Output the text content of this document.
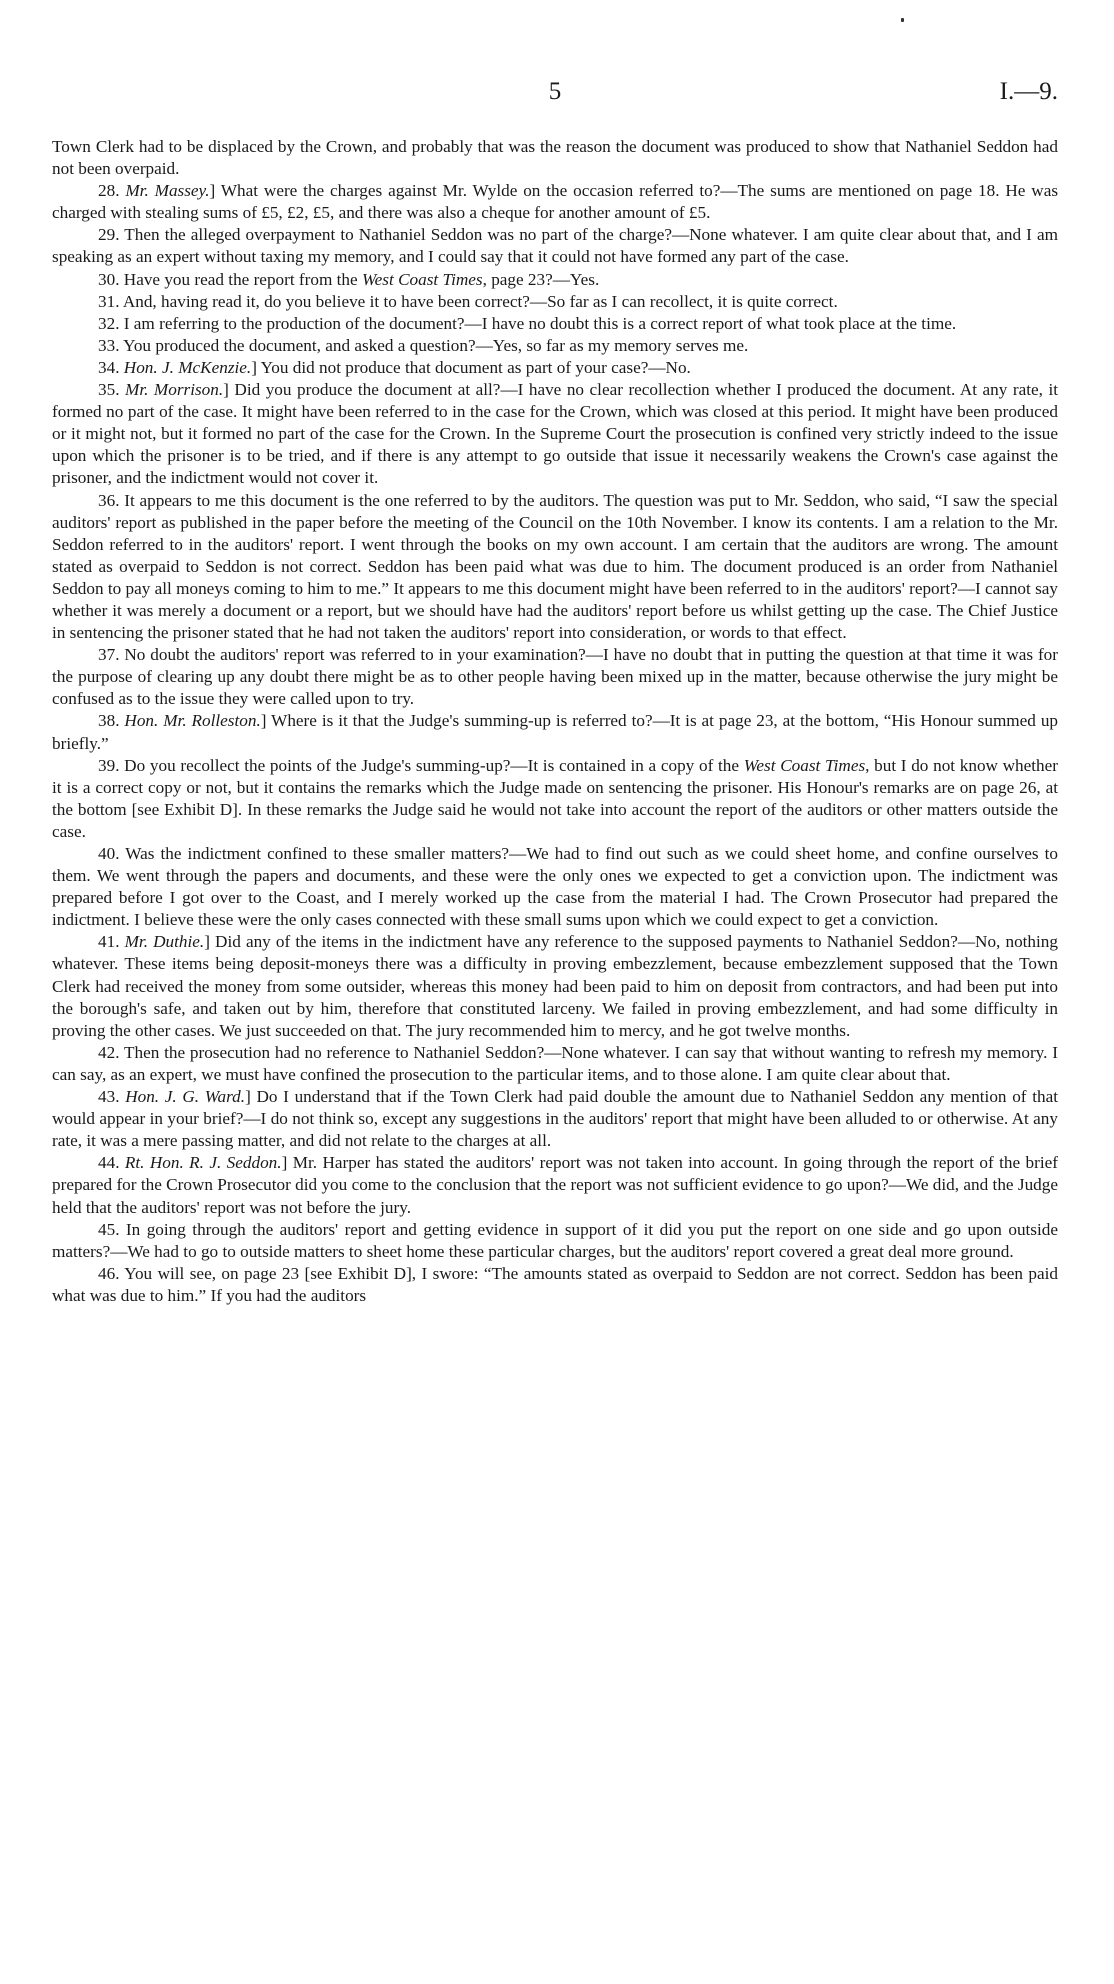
5	I.—9.

Town Clerk had to be displaced by the Crown, and probably that was the reason the document was produced to show that Nathaniel Seddon had not been overpaid.

28. Mr. Massey.] What were the charges against Mr. Wylde on the occasion referred to?—The sums are mentioned on page 18. He was charged with stealing sums of £5, £2, £5, and there was also a cheque for another amount of £5.

29. Then the alleged overpayment to Nathaniel Seddon was no part of the charge?—None whatever. I am quite clear about that, and I am speaking as an expert without taxing my memory, and I could say that it could not have formed any part of the case.

30. Have you read the report from the West Coast Times, page 23?—Yes.

31. And, having read it, do you believe it to have been correct?—So far as I can recollect, it is quite correct.

32. I am referring to the production of the document?—I have no doubt this is a correct report of what took place at the time.

33. You produced the document, and asked a question?—Yes, so far as my memory serves me.

34. Hon. J. McKenzie.] You did not produce that document as part of your case?—No.

35. Mr. Morrison.] Did you produce the document at all?—I have no clear recollection whether I produced the document. At any rate, it formed no part of the case. It might have been referred to in the case for the Crown, which was closed at this period. It might have been produced or it might not, but it formed no part of the case for the Crown. In the Supreme Court the prosecution is confined very strictly indeed to the issue upon which the prisoner is to be tried, and if there is any attempt to go outside that issue it necessarily weakens the Crown's case against the prisoner, and the indictment would not cover it.

36. It appears to me this document is the one referred to by the auditors. The question was put to Mr. Seddon, who said, “I saw the special auditors' report as published in the paper before the meeting of the Council on the 10th November. I know its contents. I am a relation to the Mr. Seddon referred to in the auditors' report. I went through the books on my own account. I am certain that the auditors are wrong. The amount stated as overpaid to Seddon is not correct. Seddon has been paid what was due to him. The document produced is an order from Nathaniel Seddon to pay all moneys coming to him to me.” It appears to me this document might have been referred to in the auditors' report?—I cannot say whether it was merely a document or a report, but we should have had the auditors' report before us whilst getting up the case. The Chief Justice in sentencing the prisoner stated that he had not taken the auditors' report into consideration, or words to that effect.

37. No doubt the auditors' report was referred to in your examination?—I have no doubt that in putting the question at that time it was for the purpose of clearing up any doubt there might be as to other people having been mixed up in the matter, because otherwise the jury might be confused as to the issue they were called upon to try.

38. Hon. Mr. Rolleston.] Where is it that the Judge's summing-up is referred to?—It is at page 23, at the bottom, “His Honour summed up briefly.”

39. Do you recollect the points of the Judge's summing-up?—It is contained in a copy of the West Coast Times, but I do not know whether it is a correct copy or not, but it contains the remarks which the Judge made on sentencing the prisoner. His Honour's remarks are on page 26, at the bottom [see Exhibit D]. In these remarks the Judge said he would not take into account the report of the auditors or other matters outside the case.

40. Was the indictment confined to these smaller matters?—We had to find out such as we could sheet home, and confine ourselves to them. We went through the papers and documents, and these were the only ones we expected to get a conviction upon. The indictment was prepared before I got over to the Coast, and I merely worked up the case from the material I had. The Crown Prosecutor had prepared the indictment. I believe these were the only cases connected with these small sums upon which we could expect to get a conviction.

41. Mr. Duthie.] Did any of the items in the indictment have any reference to the supposed payments to Nathaniel Seddon?—No, nothing whatever. These items being deposit-moneys there was a difficulty in proving embezzlement, because embezzlement supposed that the Town Clerk had received the money from some outsider, whereas this money had been paid to him on deposit from contractors, and had been put into the borough's safe, and taken out by him, therefore that constituted larceny. We failed in proving embezzlement, and had some difficulty in proving the other cases. We just succeeded on that. The jury recommended him to mercy, and he got twelve months.

42. Then the prosecution had no reference to Nathaniel Seddon?—None whatever. I can say that without wanting to refresh my memory. I can say, as an expert, we must have confined the prosecution to the particular items, and to those alone. I am quite clear about that.

43. Hon. J. G. Ward.] Do I understand that if the Town Clerk had paid double the amount due to Nathaniel Seddon any mention of that would appear in your brief?—I do not think so, except any suggestions in the auditors' report that might have been alluded to or otherwise. At any rate, it was a mere passing matter, and did not relate to the charges at all.

44. Rt. Hon. R. J. Seddon.] Mr. Harper has stated the auditors' report was not taken into account. In going through the report of the brief prepared for the Crown Prosecutor did you come to the conclusion that the report was not sufficient evidence to go upon?—We did, and the Judge held that the auditors' report was not before the jury.

45. In going through the auditors' report and getting evidence in support of it did you put the report on one side and go upon outside matters?—We had to go to outside matters to sheet home these particular charges, but the auditors' report covered a great deal more ground.

46. You will see, on page 23 [see Exhibit D], I swore: “The amounts stated as overpaid to Seddon are not correct. Seddon has been paid what was due to him.” If you had the auditors
